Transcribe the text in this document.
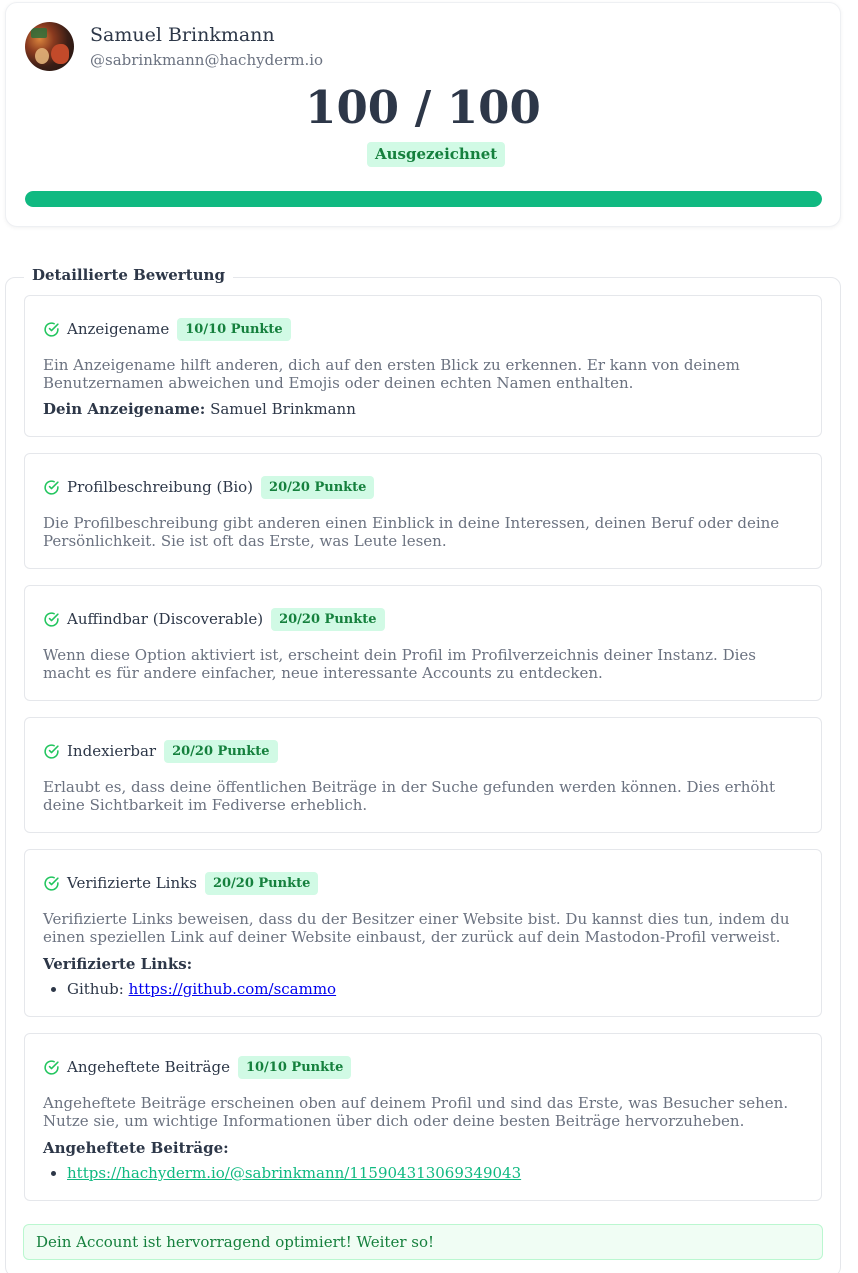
Samuel Brinkmann
@sabrinkmann@hachyderm.io
100 / 100
Ausgezeichnet
Detaillierte Bewertung
Anzeigename	10/10 Punkte
Ein Anzeigename hilft anderen, dich auf den ersten Blick zu erkennen. Er kann von deinem Benutzernamen abweichen und Emojis oder deinen echten Namen enthalten.
Dein Anzeigename: Samuel Brinkmann
Profilbeschreibung (Bio)	20/20 Punkte
Die Profilbeschreibung gibt anderen einen Einblick in deine Interessen, deinen Beruf oder deine Persönlichkeit. Sie ist oft das Erste, was Leute lesen.
Auffindbar (Discoverable)	20/20 Punkte
Wenn diese Option aktiviert ist, erscheint dein Profil im Profilverzeichnis deiner Instanz. Dies macht es für andere einfacher, neue interessante Accounts zu entdecken.
Indexierbar	20/20 Punkte
Erlaubt es, dass deine öffentlichen Beiträge in der Suche gefunden werden können. Dies erhöht deine Sichtbarkeit im Fediverse erheblich.
Verifizierte Links	20/20 Punkte
Verifizierte Links beweisen, dass du der Besitzer einer Website bist. Du kannst dies tun, indem du einen speziellen Link auf deiner Website einbaust, der zurück auf dein Mastodon-Profil verweist.
Verifizierte Links:
• Github: https://github.com/scammo
Angeheftete Beiträge	10/10 Punkte
Angeheftete Beiträge erscheinen oben auf deinem Profil und sind das Erste, was Besucher sehen. Nutze sie, um wichtige Informationen über dich oder deine besten Beiträge hervorzuheben.
Angeheftete Beiträge:
• https://hachyderm.io/@sabrinkmann/115904313069349043
Dein Account ist hervorragend optimiert! Weiter so!
